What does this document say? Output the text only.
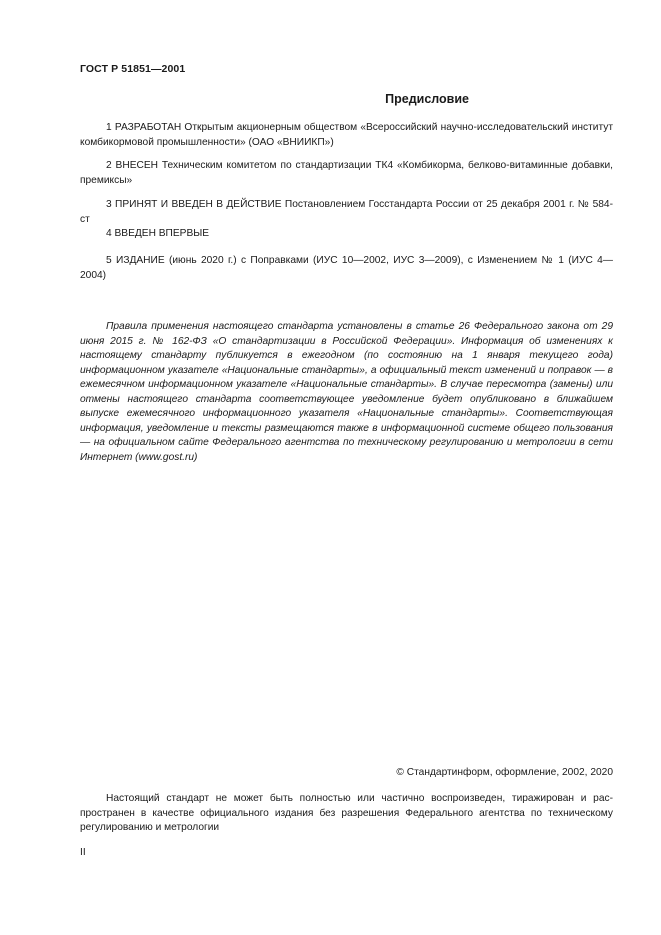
ГОСТ Р 51851—2001
Предисловие

1 РАЗРАБОТАН Открытым акционерным обществом «Всероссийский научно-исследовательский институт комбикормовой промышленности» (ОАО «ВНИИКП»)

2 ВНЕСЕН Техническим комитетом по стандартизации ТК4 «Комбикорма, белково-витаминные добавки, премиксы»

3 ПРИНЯТ И ВВЕДЕН В ДЕЙСТВИЕ Постановлением Госстандарта России от 25 декабря 2001 г. № 584-ст

4 ВВЕДЕН ВПЕРВЫЕ

5 ИЗДАНИЕ (июнь 2020 г.) с Поправками (ИУС 10—2002, ИУС 3—2009), с Изменением № 1 (ИУС 4—2004)

Правила применения настоящего стандарта установлены в статье 26 Федерального закона от 29 июня 2015 г. № 162-ФЗ «О стандартизации в Российской Федерации». Информация об изменениях к настоящему стандарту публикуется в ежегодном (по состоянию на 1 января текущего года) информационном указателе «Национальные стандарты», а официальный текст изменений и поправок — в ежемесячном информационном указателе «Национальные стандарты». В случае пересмотра (замены) или отмены настоящего стандарта соответствующее уведомление будет опубликовано в ближайшем выпуске ежемесячного информационного указателя «Национальные стандарты». Соответствующая информация, уведомление и тексты размещаются также в информационной системе общего пользования — на официальном сайте Федерального агентства по техническому регулированию и метрологии в сети Интернет (www.gost.ru)

© Стандартинформ, оформление, 2002, 2020

Настоящий стандарт не может быть полностью или частично воспроизведен, тиражирован и распространен в качестве официального издания без разрешения Федерального агентства по техническому регулированию и метрологии

II
